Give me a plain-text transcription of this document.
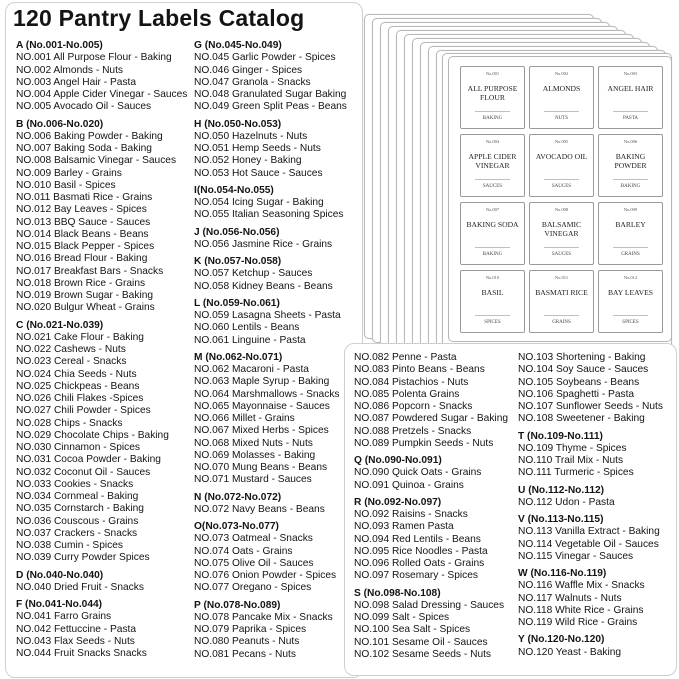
120 Pantry Labels Catalog
A (No.001-No.005)
NO.001 All Purpose Flour - Baking
NO.002 Almonds - Nuts
NO.003 Angel Hair - Pasta
NO.004 Apple Cider Vinegar - Sauces
NO.005 Avocado Oil - Sauces
B (No.006-No.020)
NO.006 Baking Powder - Baking
NO.007 Baking Soda - Baking
NO.008 Balsamic Vinegar - Sauces
NO.009 Barley - Grains
NO.010 Basil - Spices
NO.011 Basmati Rice - Grains
NO.012 Bay Leaves - Spices
NO.013 BBQ Sauce - Sauces
NO.014 Black Beans - Beans
NO.015 Black Pepper - Spices
NO.016 Bread Flour - Baking
NO.017 Breakfast Bars - Snacks
NO.018 Brown Rice - Grains
NO.019 Brown Sugar - Baking
NO.020 Bulgur Wheat - Grains
C (No.021-No.039)
NO.021 Cake Flour - Baking
NO.022 Cashews - Nuts
NO.023 Cereal - Snacks
NO.024 Chia Seeds - Nuts
NO.025 Chickpeas - Beans
NO.026 Chili Flakes -Spices
NO.027 Chili Powder - Spices
NO.028 Chips - Snacks
NO.029 Chocolate Chips - Baking
NO.030 Cinnamon - Spices
NO.031 Cocoa Powder - Baking
NO.032 Coconut Oil - Sauces
NO.033 Cookies - Snacks
NO.034 Cornmeal - Baking
NO.035 Cornstarch - Baking
NO.036 Couscous - Grains
NO.037 Crackers - Snacks
NO.038 Cumin - Spices
NO.039 Curry Powder Spices
D (No.040-No.040)
NO.040 Dried Fruit - Snacks
F (No.041-No.044)
NO.041 Farro Grains
NO.042 Fettuccine - Pasta
NO.043 Flax Seeds - Nuts
NO.044 Fruit Snacks Snacks
G (No.045-No.049)
NO.045 Garlic Powder - Spices
NO.046 Ginger - Spices
NO.047 Granola - Snacks
NO.048 Granulated Sugar Baking
NO.049 Green Split Peas - Beans
H (No.050-No.053)
NO.050 Hazelnuts - Nuts
NO.051 Hemp Seeds - Nuts
NO.052 Honey - Baking
NO.053 Hot Sauce - Sauces
I(No.054-No.055)
NO.054 Icing Sugar - Baking
NO.055 Italian Seasoning Spices
J (No.056-No.056)
NO.056 Jasmine Rice - Grains
K (No.057-No.058)
NO.057 Ketchup - Sauces
NO.058 Kidney Beans - Beans
L (No.059-No.061)
NO.059 Lasagna Sheets - Pasta
NO.060 Lentils - Beans
NO.061 Linguine - Pasta
M (No.062-No.071)
NO.062 Macaroni - Pasta
NO.063 Maple Syrup - Baking
NO.064 Marshmallows - Snacks
NO.065 Mayonnaise - Sauces
NO.066 Millet - Grains
NO.067 Mixed Herbs - Spices
NO.068 Mixed Nuts - Nuts
NO.069 Molasses - Baking
NO.070 Mung Beans - Beans
NO.071 Mustard - Sauces
N (No.072-No.072)
NO.072 Navy Beans - Beans
O(No.073-No.077)
NO.073 Oatmeal - Snacks
NO.074 Oats - Grains
NO.075 Olive Oil - Sauces
NO.076 Onion Powder - Spices
NO.077 Oregano - Spices
P (No.078-No.089)
NO.078 Pancake Mix - Snacks
NO.079 Paprika - Spices
NO.080 Peanuts - Nuts
NO.081 Pecans - Nuts
No.001
ALL PURPOSE FLOUR
BAKING
No.002
ALMONDS
NUTS
No.003
ANGEL HAIR
PASTA
No.004
APPLE CIDER VINEGAR
SAUCES
No.005
AVOCADO OIL
SAUCES
No.006
BAKING POWDER
BAKING
No.007
BAKING SODA
BAKING
No.008
BALSAMIC VINEGAR
SAUCES
No.009
BARLEY
GRAINS
No.010
BASIL
SPICES
No.011
BASMATI RICE
GRAINS
No.012
BAY LEAVES
SPICES
NO.082 Penne - Pasta
NO.083 Pinto Beans - Beans
NO.084 Pistachios - Nuts
NO.085 Polenta Grains
NO.086 Popcorn - Snacks
NO.087 Powdered Sugar - Baking
NO.088 Pretzels - Snacks
NO.089 Pumpkin Seeds - Nuts
Q (No.090-No.091)
NO.090 Quick Oats - Grains
NO.091 Quinoa - Grains
R (No.092-No.097)
NO.092 Raisins - Snacks
NO.093 Ramen Pasta
NO.094 Red Lentils - Beans
NO.095 Rice Noodles - Pasta
NO.096 Rolled Oats - Grains
NO.097 Rosemary - Spices
S (No.098-No.108)
NO.098 Salad Dressing - Sauces
NO.099 Salt - Spices
NO.100 Sea Salt - Spices
NO.101 Sesame Oil - Sauces
NO.102 Sesame Seeds - Nuts
NO.103 Shortening - Baking
NO.104 Soy Sauce - Sauces
NO.105 Soybeans - Beans
NO.106 Spaghetti - Pasta
NO.107 Sunflower Seeds - Nuts
NO.108 Sweetener - Baking
T (No.109-No.111)
NO.109 Thyme - Spices
NO.110 Trail Mix - Nuts
NO.111 Turmeric - Spices
U (No.112-No.112)
NO.112 Udon - Pasta
V (No.113-No.115)
NO.113 Vanilla Extract - Baking
NO.114 Vegetable Oil - Sauces
NO.115 Vinegar - Sauces
W (No.116-No.119)
NO.116 Waffle Mix - Snacks
NO.117 Walnuts - Nuts
NO.118 White Rice - Grains
NO.119 Wild Rice - Grains
Y (No.120-No.120)
NO.120 Yeast - Baking
